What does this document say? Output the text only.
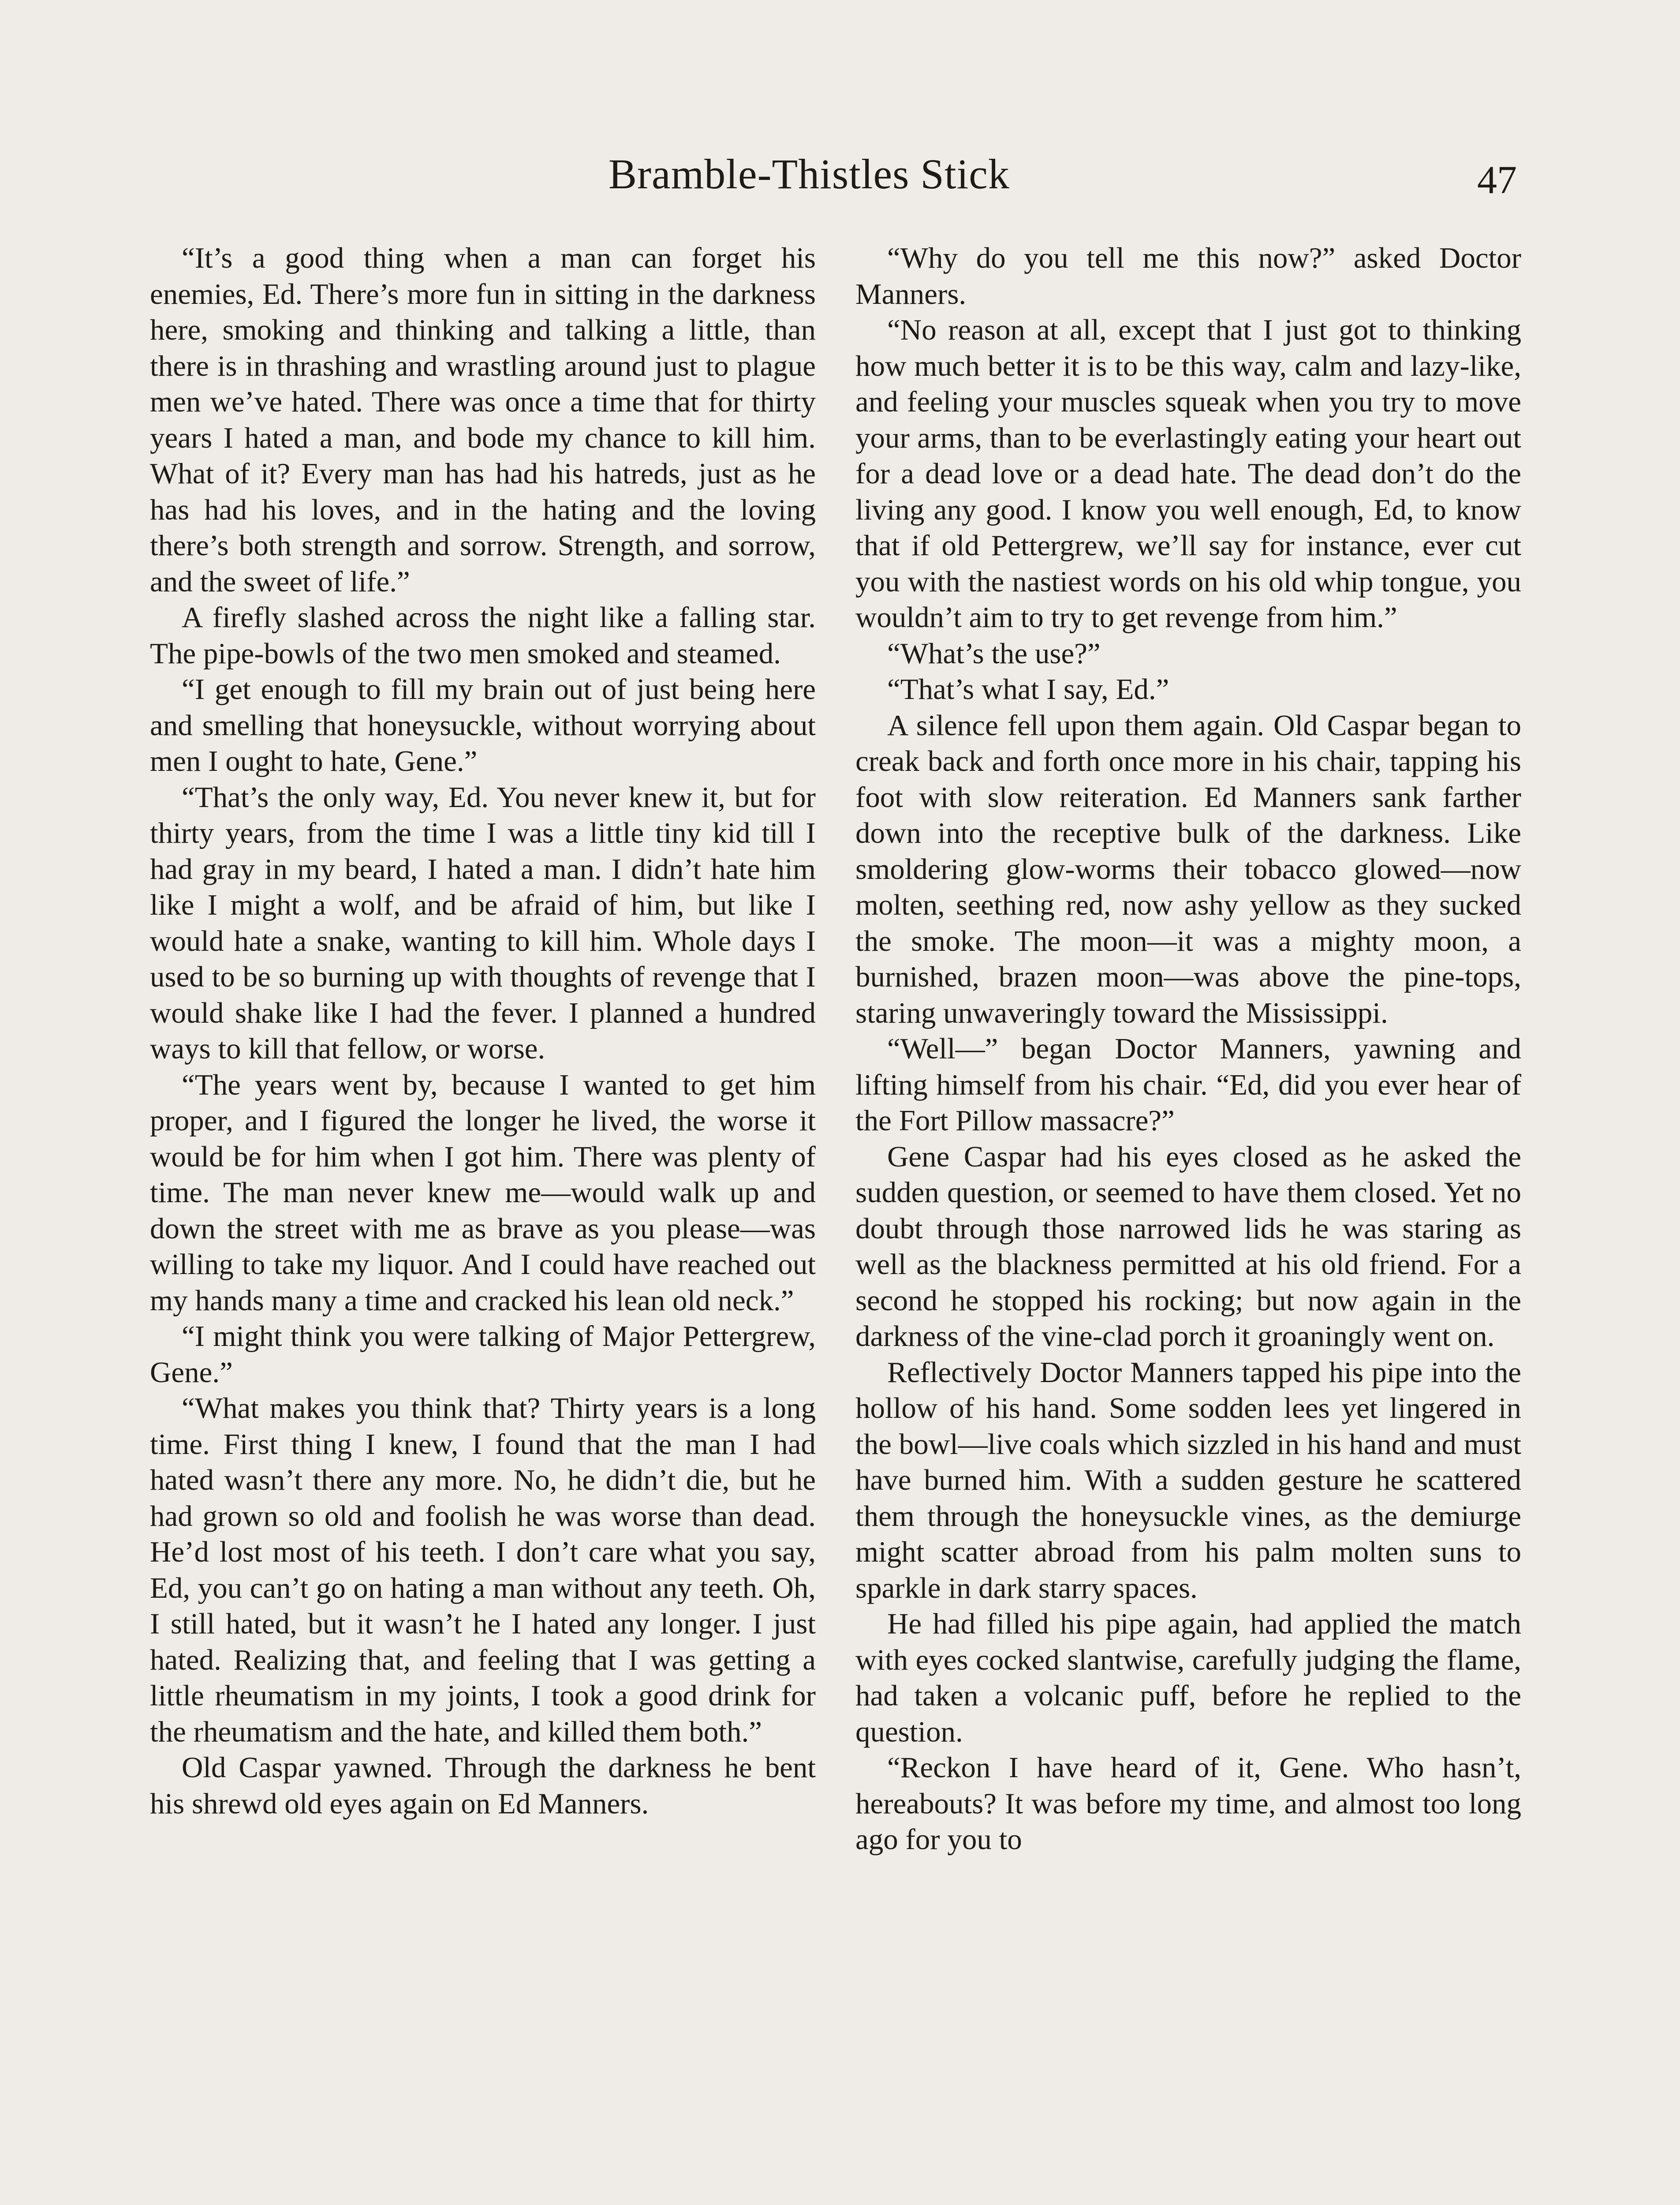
Bramble-Thistles Stick	47

“It’s a good thing when a man can forget his enemies, Ed. There’s more fun in sitting in the darkness here, smoking and thinking and talking a little, than there is in thrashing and wrastling around just to plague men we’ve hated. There was once a time that for thirty years I hated a man, and bode my chance to kill him. What of it? Every man has had his hatreds, just as he has had his loves, and in the hating and the loving there’s both strength and sorrow. Strength, and sorrow, and the sweet of life.”

A firefly slashed across the night like a falling star. The pipe-bowls of the two men smoked and steamed.

“I get enough to fill my brain out of just being here and smelling that honeysuckle, without worrying about men I ought to hate, Gene.”

“That’s the only way, Ed. You never knew it, but for thirty years, from the time I was a little tiny kid till I had gray in my beard, I hated a man. I didn’t hate him like I might a wolf, and be afraid of him, but like I would hate a snake, wanting to kill him. Whole days I used to be so burning up with thoughts of revenge that I would shake like I had the fever. I planned a hundred ways to kill that fellow, or worse.

“The years went by, because I wanted to get him proper, and I figured the longer he lived, the worse it would be for him when I got him. There was plenty of time. The man never knew me—would walk up and down the street with me as brave as you please—was willing to take my liquor. And I could have reached out my hands many a time and cracked his lean old neck.”

“I might think you were talking of Major Pettergrew, Gene.”

“What makes you think that? Thirty years is a long time. First thing I knew, I found that the man I had hated wasn’t there any more. No, he didn’t die, but he had grown so old and foolish he was worse than dead. He’d lost most of his teeth. I don’t care what you say, Ed, you can’t go on hating a man without any teeth. Oh, I still hated, but it wasn’t he I hated any longer. I just hated. Realizing that, and feeling that I was getting a little rheumatism in my joints, I took a good drink for the rheumatism and the hate, and killed them both.”

Old Caspar yawned. Through the darkness he bent his shrewd old eyes again on Ed Manners.

“Why do you tell me this now?” asked Doctor Manners.

“No reason at all, except that I just got to thinking how much better it is to be this way, calm and lazy-like, and feeling your muscles squeak when you try to move your arms, than to be everlastingly eating your heart out for a dead love or a dead hate. The dead don’t do the living any good. I know you well enough, Ed, to know that if old Pettergrew, we’ll say for instance, ever cut you with the nastiest words on his old whip tongue, you wouldn’t aim to try to get revenge from him.”

“What’s the use?”

“That’s what I say, Ed.”

A silence fell upon them again. Old Caspar began to creak back and forth once more in his chair, tapping his foot with slow reiteration. Ed Manners sank farther down into the receptive bulk of the darkness. Like smoldering glow-worms their tobacco glowed—now molten, seething red, now ashy yellow as they sucked the smoke. The moon—it was a mighty moon, a burnished, brazen moon—was above the pine-tops, staring unwaveringly toward the Mississippi.

“Well—” began Doctor Manners, yawning and lifting himself from his chair. “Ed, did you ever hear of the Fort Pillow massacre?”

Gene Caspar had his eyes closed as he asked the sudden question, or seemed to have them closed. Yet no doubt through those narrowed lids he was staring as well as the blackness permitted at his old friend. For a second he stopped his rocking; but now again in the darkness of the vine-clad porch it groaningly went on.

Reflectively Doctor Manners tapped his pipe into the hollow of his hand. Some sodden lees yet lingered in the bowl—live coals which sizzled in his hand and must have burned him. With a sudden gesture he scattered them through the honeysuckle vines, as the demiurge might scatter abroad from his palm molten suns to sparkle in dark starry spaces.

He had filled his pipe again, had applied the match with eyes cocked slantwise, carefully judging the flame, had taken a volcanic puff, before he replied to the question.

“Reckon I have heard of it, Gene. Who hasn’t, hereabouts? It was before my time, and almost too long ago for you to
